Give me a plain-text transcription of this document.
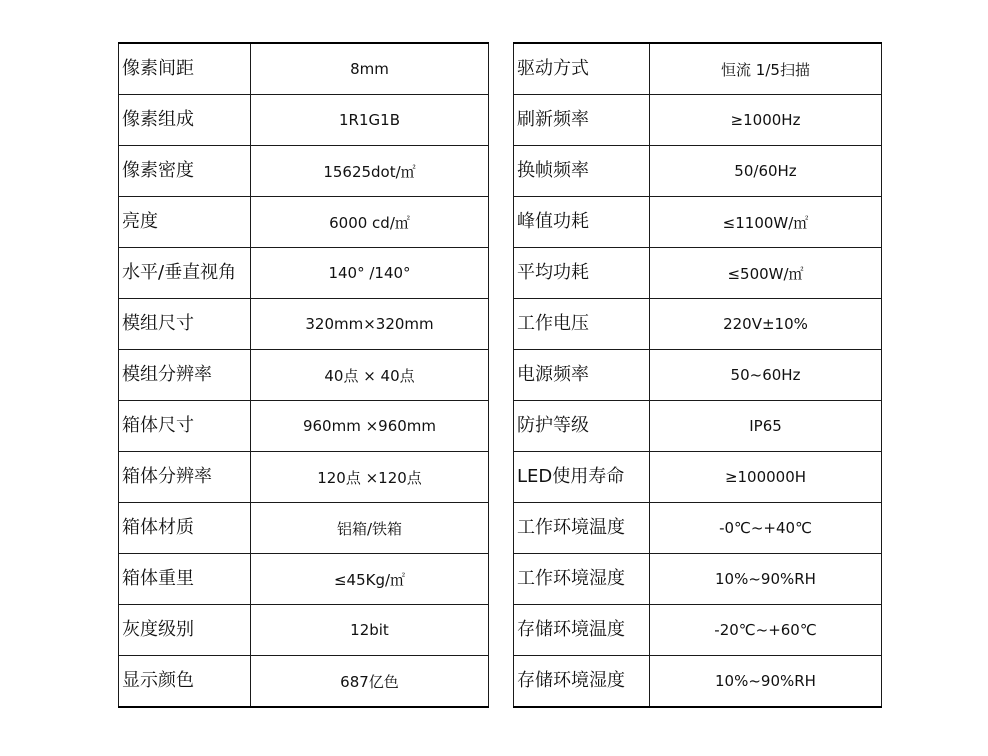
像素间距	8mm
像素组成	1R1G1B
像素密度	15625dot/㎡
亮度	6000 cd/㎡
水平/垂直视角	140° /140°
模组尺寸	320mm×320mm
模组分辨率	40点 × 40点
箱体尺寸	960mm ×960mm
箱体分辨率	120点 ×120点
箱体材质	铝箱/铁箱
箱体重里	≤45Kg/㎡
灰度级别	12bit
显示颜色	687亿色
驱动方式	恒流 1/5扫描
刷新频率	≥1000Hz
换帧频率	50/60Hz
峰值功耗	≤1100W/㎡
平均功耗	≤500W/㎡
工作电压	220V±10%
电源频率	50~60Hz
防护等级	IP65
LED使用寿命	≥100000H
工作环境温度	-0℃~+40℃
工作环境湿度	10%~90%RH
存储环境温度	-20℃~+60℃
存储环境湿度	10%~90%RH
